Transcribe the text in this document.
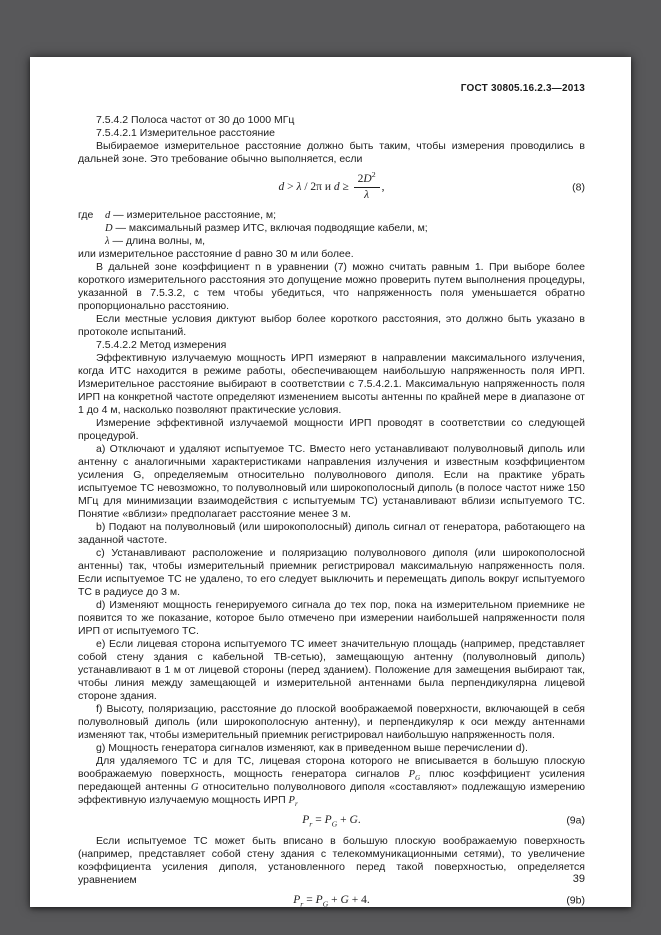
ГОСТ 30805.16.2.3—2013
7.5.4.2 Полоса частот от 30 до 1000 МГц
7.5.4.2.1 Измерительное расстояние
Выбираемое измерительное расстояние должно быть таким, чтобы измерения проводились в дальней зоне. Это требование обычно выполняется, если
d > λ / 2π и $d \ge \frac{2D^2}{\lambda}$ ,	(8)
где d — измерительное расстояние, м;
D — максимальный размер ИТС, включая подводящие кабели, м;
λ — длина волны, м,
или измерительное расстояние d равно 30 м или более.
В дальней зоне коэффициент n в уравнении (7) можно считать равным 1. При выборе более короткого измерительного расстояния это допущение можно проверить путем выполнения процедуры, указанной в 7.5.3.2, с тем чтобы убедиться, что напряженность поля уменьшается обратно пропорционально расстоянию.
Если местные условия диктуют выбор более короткого расстояния, это должно быть указано в протоколе испытаний.
7.5.4.2.2 Метод измерения
Эффективную излучаемую мощность ИРП измеряют в направлении максимального излучения, когда ИТС находится в режиме работы, обеспечивающем наибольшую напряженность поля ИРП. Измерительное расстояние выбирают в соответствии с 7.5.4.2.1. Максимальную напряженность поля ИРП на конкретной частоте определяют изменением высоты антенны по крайней мере в диапазоне от 1 до 4 м, насколько позволяют практические условия.
Измерение эффективной излучаемой мощности ИРП проводят в соответствии со следующей процедурой.
a) Отключают и удаляют испытуемое ТС. Вместо него устанавливают полуволновый диполь или антенну с аналогичными характеристиками направления излучения и известным коэффициентом усиления G, определяемым относительно полуволнового диполя. Если на практике убрать испытуемое ТС невозможно, то полуволновый или широкополосный диполь (в полосе частот ниже 150 МГц для минимизации взаимодействия с испытуемым ТС) устанавливают вблизи испытуемого ТС. Понятие «вблизи» предполагает расстояние менее 3 м.
b) Подают на полуволновый (или широкополосный) диполь сигнал от генератора, работающего на заданной частоте.
c) Устанавливают расположение и поляризацию полуволнового диполя (или широкополосной антенны) так, чтобы измерительный приемник регистрировал максимальную напряженность поля. Если испытуемое ТС не удалено, то его следует выключить и перемещать диполь вокруг испытуемого ТС в радиусе до 3 м.
d) Изменяют мощность генерируемого сигнала до тех пор, пока на измерительном приемнике не появится то же показание, которое было отмечено при измерении наибольшей напряженности поля ИРП от испытуемого ТС.
e) Если лицевая сторона испытуемого ТС имеет значительную площадь (например, представляет собой стену здания с кабельной ТВ-сетью), замещающую антенну (полуволновый диполь) устанавливают в 1 м от лицевой стороны (перед зданием). Положение для замещения выбирают так, чтобы линия между замещающей и измерительной антеннами была перпендикулярна лицевой стороне здания.
f) Высоту, поляризацию, расстояние до плоской воображаемой поверхности, включающей в себя полуволновый диполь (или широкополосную антенну), и перпендикуляр к оси между антеннами изменяют так, чтобы измерительный приемник регистрировал наибольшую напряженность поля.
g) Мощность генератора сигналов изменяют, как в приведенном выше перечислении d).
Для удаляемого ТС и для ТС, лицевая сторона которого не вписывается в большую плоскую воображаемую поверхность, мощность генератора сигналов $P_G$ плюс коэффициент усиления передающей антенны G относительно полуволнового диполя «составляют» подлежащую измерению эффективную излучаемую мощность ИРП $P_r$
$P_r = P_G + G$.	(9a)
Если испытуемое ТС может быть вписано в большую плоскую воображаемую поверхность (например, представляет собой стену здания с телекоммуникационными сетями), то увеличение коэффициента усиления диполя, установленного перед такой поверхностью, определяется уравнением
$P_r = P_G + G + 4$.	(9b)
39
